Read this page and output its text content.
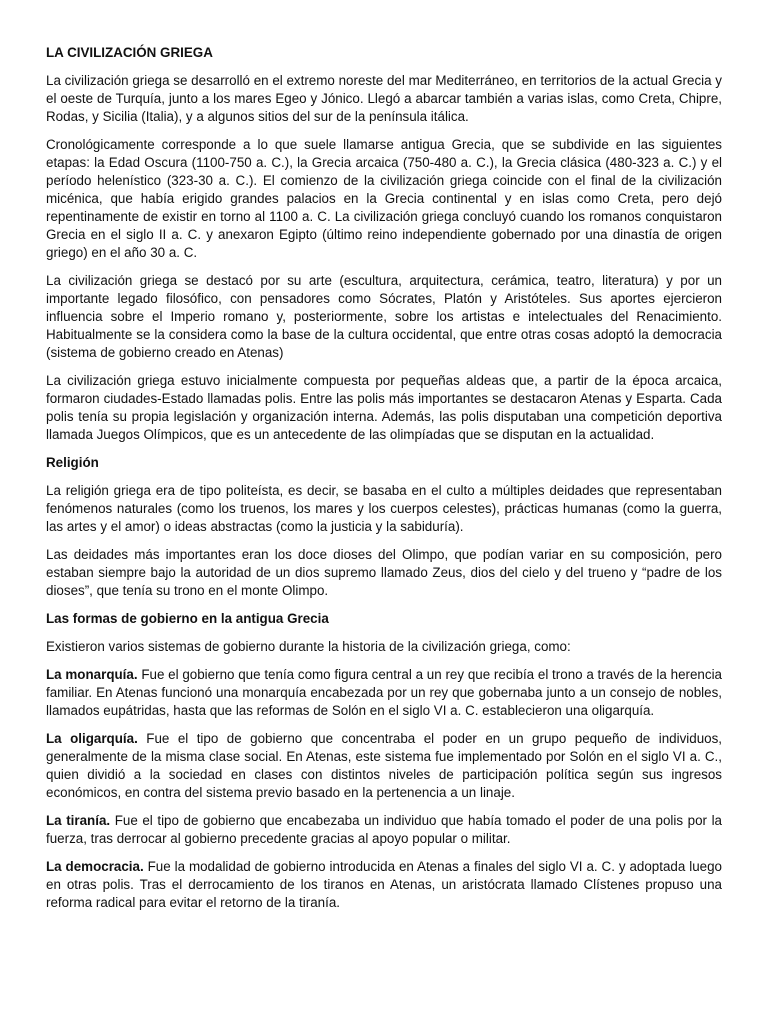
LA CIVILIZACIÓN GRIEGA

La civilización griega se desarrolló en el extremo noreste del mar Mediterráneo, en territorios de la actual Grecia y el oeste de Turquía, junto a los mares Egeo y Jónico. Llegó a abarcar también a varias islas, como Creta, Chipre, Rodas, y Sicilia (Italia), y a algunos sitios del sur de la península itálica.

Cronológicamente corresponde a lo que suele llamarse antigua Grecia, que se subdivide en las siguientes etapas: la Edad Oscura (1100-750 a. C.), la Grecia arcaica (750-480 a. C.), la Grecia clásica (480-323 a. C.) y el período helenístico (323-30 a. C.). El comienzo de la civilización griega coincide con el final de la civilización micénica, que había erigido grandes palacios en la Grecia continental y en islas como Creta, pero dejó repentinamente de existir en torno al 1100 a. C. La civilización griega concluyó cuando los romanos conquistaron Grecia en el siglo II a. C. y anexaron Egipto (último reino independiente gobernado por una dinastía de origen griego) en el año 30 a. C.

La civilización griega se destacó por su arte (escultura, arquitectura, cerámica, teatro, literatura) y por un importante legado filosófico, con pensadores como Sócrates, Platón y Aristóteles. Sus aportes ejercieron influencia sobre el Imperio romano y, posteriormente, sobre los artistas e intelectuales del Renacimiento. Habitualmente se la considera como la base de la cultura occidental, que entre otras cosas adoptó la democracia (sistema de gobierno creado en Atenas)

La civilización griega estuvo inicialmente compuesta por pequeñas aldeas que, a partir de la época arcaica, formaron ciudades-Estado llamadas polis. Entre las polis más importantes se destacaron Atenas y Esparta. Cada polis tenía su propia legislación y organización interna. Además, las polis disputaban una competición deportiva llamada Juegos Olímpicos, que es un antecedente de las olimpíadas que se disputan en la actualidad.

Religión

La religión griega era de tipo politeísta, es decir, se basaba en el culto a múltiples deidades que representaban fenómenos naturales (como los truenos, los mares y los cuerpos celestes), prácticas humanas (como la guerra, las artes y el amor) o ideas abstractas (como la justicia y la sabiduría).

Las deidades más importantes eran los doce dioses del Olimpo, que podían variar en su composición, pero estaban siempre bajo la autoridad de un dios supremo llamado Zeus, dios del cielo y del trueno y “padre de los dioses”, que tenía su trono en el monte Olimpo.

Las formas de gobierno en la antigua Grecia

Existieron varios sistemas de gobierno durante la historia de la civilización griega, como:

La monarquía. Fue el gobierno que tenía como figura central a un rey que recibía el trono a través de la herencia familiar. En Atenas funcionó una monarquía encabezada por un rey que gobernaba junto a un consejo de nobles, llamados eupátridas, hasta que las reformas de Solón en el siglo VI a. C. establecieron una oligarquía.

La oligarquía. Fue el tipo de gobierno que concentraba el poder en un grupo pequeño de individuos, generalmente de la misma clase social. En Atenas, este sistema fue implementado por Solón en el siglo VI a. C., quien dividió a la sociedad en clases con distintos niveles de participación política según sus ingresos económicos, en contra del sistema previo basado en la pertenencia a un linaje.

La tiranía. Fue el tipo de gobierno que encabezaba un individuo que había tomado el poder de una polis por la fuerza, tras derrocar al gobierno precedente gracias al apoyo popular o militar.

La democracia. Fue la modalidad de gobierno introducida en Atenas a finales del siglo VI a. C. y adoptada luego en otras polis. Tras el derrocamiento de los tiranos en Atenas, un aristócrata llamado Clístenes propuso una reforma radical para evitar el retorno de la tiranía.
